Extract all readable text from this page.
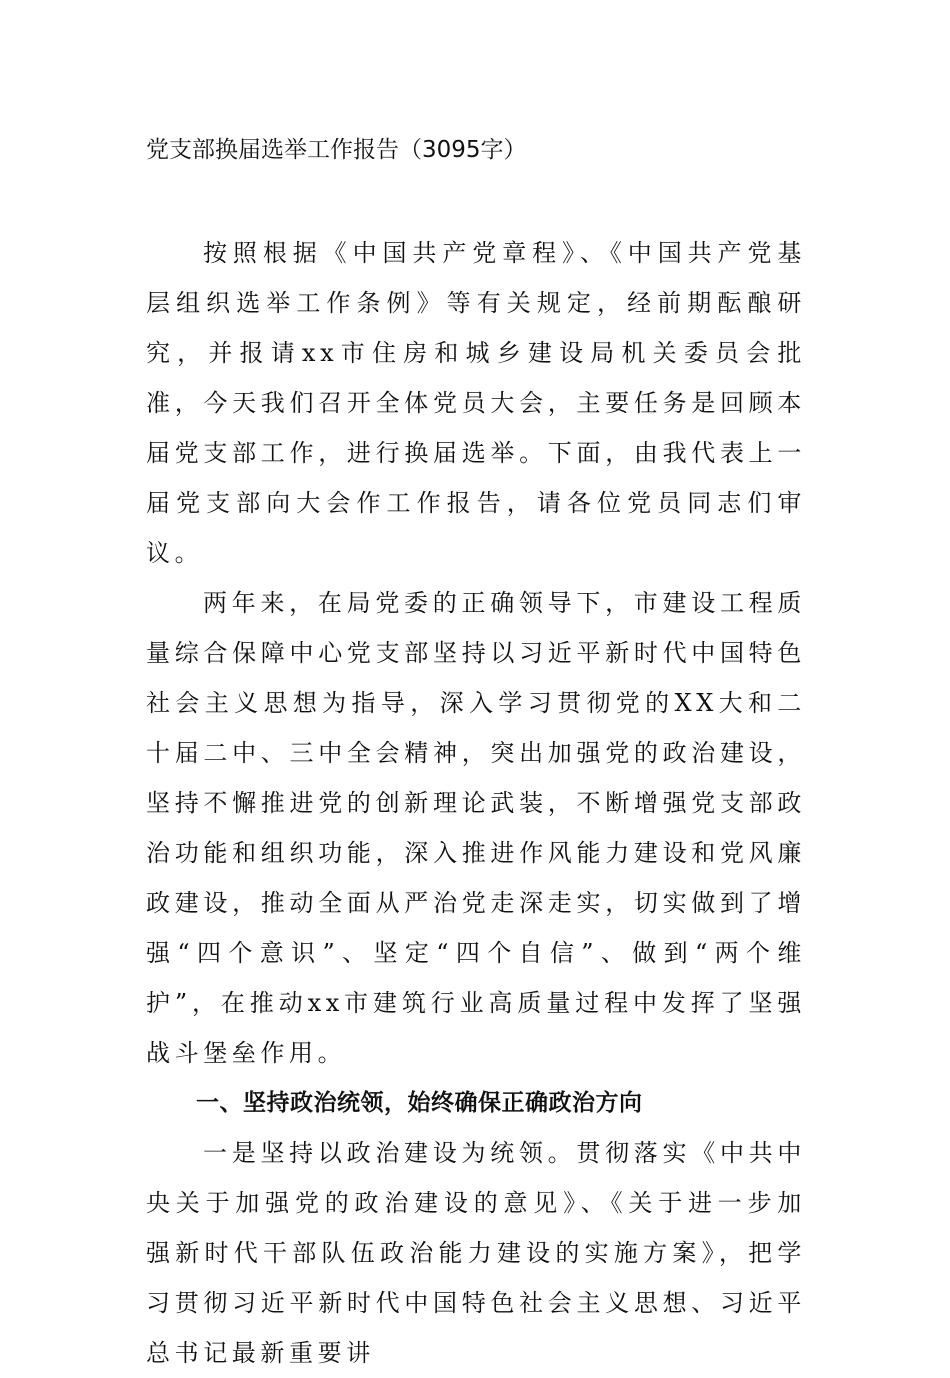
党支部换届选举工作报告（3095字）

按照根据《中国共产党章程》、《中国共产党基层组织选举工作条例》等有关规定，经前期酝酿研究，并报请xx市住房和城乡建设局机关委员会批准，今天我们召开全体党员大会，主要任务是回顾本届党支部工作，进行换届选举。下面，由我代表上一届党支部向大会作工作报告，请各位党员同志们审议。

两年来，在局党委的正确领导下，市建设工程质量综合保障中心党支部坚持以习近平新时代中国特色社会主义思想为指导，深入学习贯彻党的XX大和二十届二中、三中全会精神，突出加强党的政治建设，坚持不懈推进党的创新理论武装，不断增强党支部政治功能和组织功能，深入推进作风能力建设和党风廉政建设，推动全面从严治党走深走实，切实做到了增强“四个意识”、坚定“四个自信”、做到“两个维护”，在推动xx市建筑行业高质量过程中发挥了坚强战斗堡垒作用。

一、坚持政治统领，始终确保正确政治方向

一是坚持以政治建设为统领。贯彻落实《中共中央关于加强党的政治建设的意见》、《关于进一步加强新时代干部队伍政治能力建设的实施方案》，把学习贯彻习近平新时代中国特色社会主义思想、习近平总书记最新重要讲
